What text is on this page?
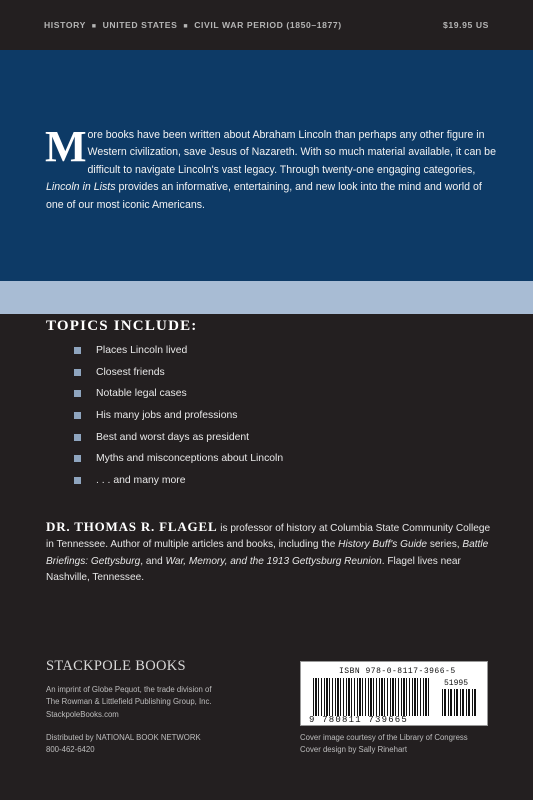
HISTORY ■ UNITED STATES ■ CIVIL WAR PERIOD (1850–1877)	$19.95 US
More books have been written about Abraham Lincoln than perhaps any other figure in Western civilization, save Jesus of Nazareth. With so much material available, it can be difficult to navigate Lincoln's vast legacy. Through twenty-one engaging categories, Lincoln in Lists provides an informative, entertaining, and new look into the mind and world of one of our most iconic Americans.
TOPICS INCLUDE:
Places Lincoln lived
Closest friends
Notable legal cases
His many jobs and professions
Best and worst days as president
Myths and misconceptions about Lincoln
. . . and many more
DR. THOMAS R. FLAGEL is professor of history at Columbia State Community College in Tennessee. Author of multiple articles and books, including the History Buff's Guide series, Battle Briefings: Gettysburg, and War, Memory, and the 1913 Gettysburg Reunion. Flagel lives near Nashville, Tennessee.
STACKPOLE BOOKS
An imprint of Globe Pequot, the trade division of
The Rowman & Littlefield Publishing Group, Inc.
StackpoleBooks.com
Distributed by NATIONAL BOOK NETWORK
800-462-6420
ISBN 978-0-8117-3966-5
51995
9 780811 739665
Cover image courtesy of the Library of Congress
Cover design by Sally Rinehart
